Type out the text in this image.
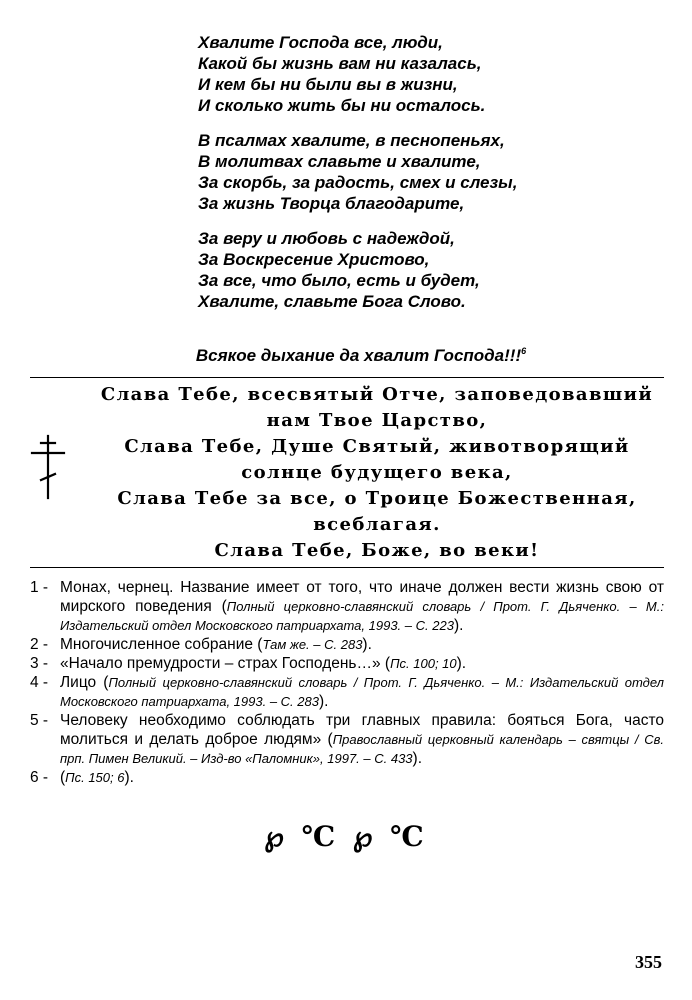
Хвалите Господа все, люди,
Какой бы жизнь вам ни казалась,
И кем бы ни были вы в жизни,
И сколько жить бы ни осталось.
В псалмах хвалите, в песнопеньях,
В молитвах славьте и хвалите,
За скорбь, за радость, смех и слезы,
За жизнь Творца благодарите,
За веру и любовь с надеждой,
За Воскресение Христово,
За все, что было, есть и будет,
Хвалите, славьте Бога Слово.
Всякое дыхание да хвалит Господа!!!$^6$
Слава Тебе, всесвятый Отче, заповедовавший
нам Твое Царство,
Слава Тебе, Душе Святый, животворящий
солнце будущего века,
Слава Тебе за все, о Троице Божественная,
всеблагая.
Слава Тебе, Боже, во веки!
1 - Монах, чернец. Название имеет от того, что иначе должен вести жизнь свою от мирского поведения (Полный церковно-славянский словарь / Прот. Г. Дьяченко. – М.: Издательский отдел Московского патриархата, 1993. – С. 223).
2 - Многочисленное собрание (Там же. – С. 283).
3 - «Начало премудрости – страх Господень…» (Пс. 100; 10).
4 - Лицо (Полный церковно-славянский словарь / Прот. Г. Дьяченко. – М.: Издательский отдел Московского патриархата, 1993. – С. 283).
5 - Человеку необходимо соблюдать три главных правила: бояться Бога, часто молиться и делать доброе людям» (Православный церковный календарь – святцы / Св. прп. Пимен Великий. – Изд-во «Паломник», 1997. – С. 433).
6 - (Пс. 150; 6).
℘ ℃ ℘ ℃
355
